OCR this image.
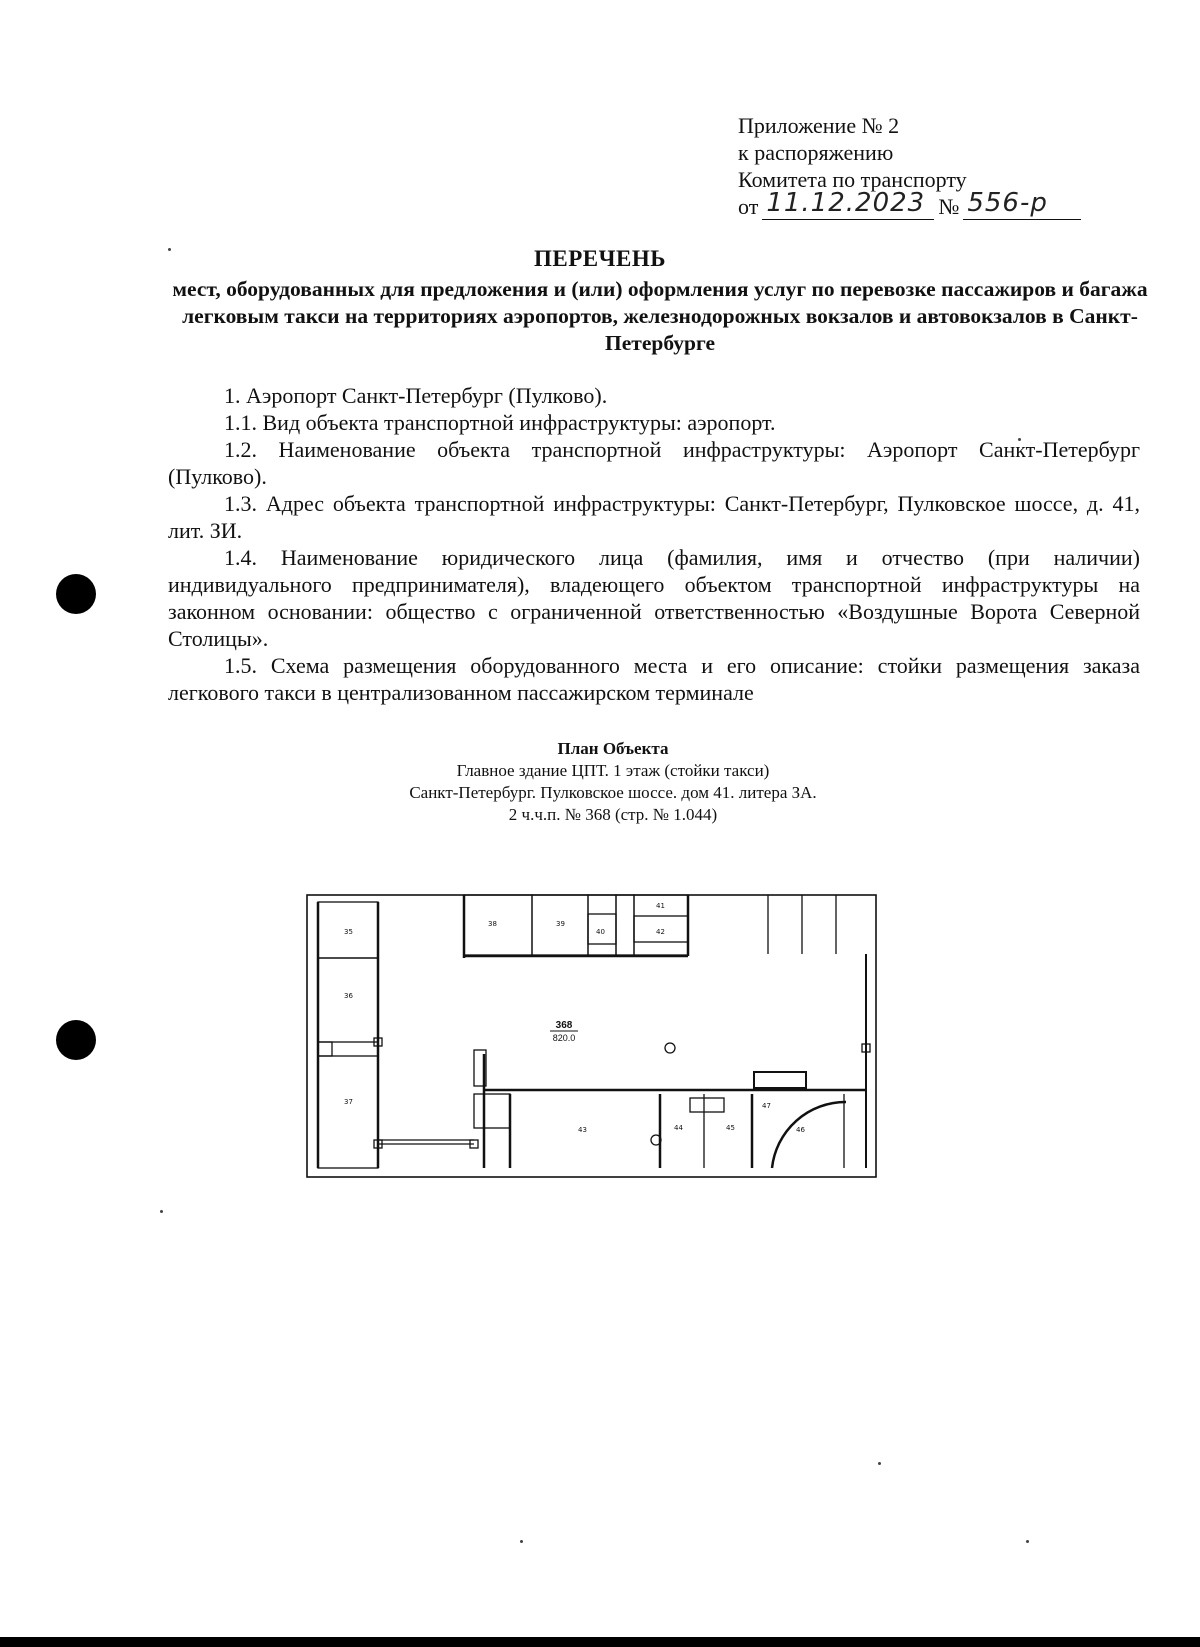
Приложение № 2
к распоряжению
Комитета по транспорту
от 11.12.2023 № 556-р
ПЕРЕЧЕНЬ
мест, оборудованных для предложения и (или) оформления услуг по перевозке пассажиров и багажа легковым такси на территориях аэропортов, железнодорожных вокзалов и автовокзалов в Санкт-Петербурге

1. Аэропорт Санкт-Петербург (Пулково).

1.1. Вид объекта транспортной инфраструктуры: аэропорт.

1.2. Наименование объекта транспортной инфраструктуры: Аэропорт Санкт-Петербург (Пулково).

1.3. Адрес объекта транспортной инфраструктуры: Санкт-Петербург, Пулковское шоссе, д. 41, лит. ЗИ.

1.4. Наименование юридического лица (фамилия, имя и отчество (при наличии) индивидуального предпринимателя), владеющего объектом транспортной инфраструктуры на законном основании: общество с ограниченной ответственностью «Воздушные Ворота Северной Столицы».

1.5. Схема размещения оборудованного места и его описание: стойки размещения заказа легкового такси в централизованном пассажирском терминале

План Объекта
Главное здание ЦПТ. 1 этаж (стойки такси)
Санкт-Петербург. Пулковское шоссе. дом 41. литера ЗА.
2 ч.ч.п. № 368 (стр. № 1.044)
368
820.0
35
36
37
38	39
40
41
42
43	44	45	46
47
